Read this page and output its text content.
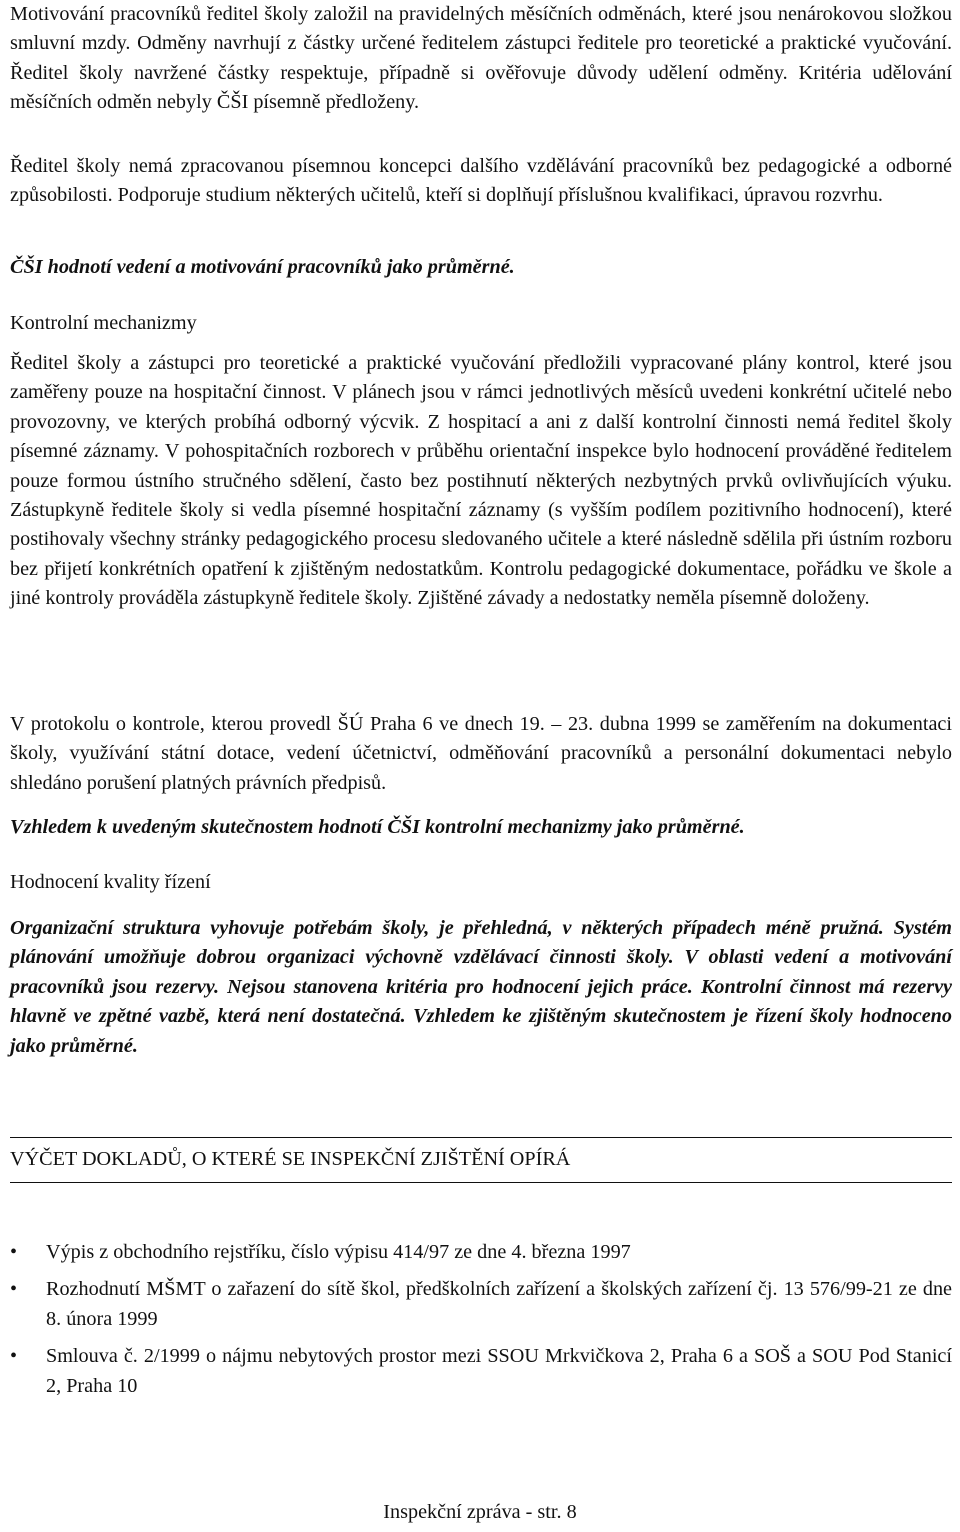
Motivování pracovníků ředitel školy založil na pravidelných měsíčních odměnách, které jsou nenárokovou složkou smluvní mzdy. Odměny navrhují z částky určené ředitelem zástupci ředitele pro teoretické a praktické vyučování. Ředitel školy navržené částky respektuje, případně si ověřovuje důvody udělení odměny. Kritéria udělování měsíčních odměn nebyly ČŠI písemně předloženy.

Ředitel školy nemá zpracovanou písemnou koncepci dalšího vzdělávání pracovníků bez pedagogické a odborné způsobilosti. Podporuje studium některých učitelů, kteří si doplňují příslušnou kvalifikaci, úpravou rozvrhu.

ČŠI hodnotí vedení a motivování pracovníků jako průměrné.

Kontrolní mechanizmy

Ředitel školy a zástupci pro teoretické a praktické vyučování předložili vypracované plány kontrol, které jsou zaměřeny pouze na hospitační činnost. V plánech jsou v rámci jednotlivých měsíců uvedeni konkrétní učitelé nebo provozovny, ve kterých probíhá odborný výcvik. Z hospitací a ani z další kontrolní činnosti nemá ředitel školy písemné záznamy. V pohospitačních rozborech v průběhu orientační inspekce bylo hodnocení prováděné ředitelem pouze formou ústního stručného sdělení, často bez postihnutí některých nezbytných prvků ovlivňujících výuku. Zástupkyně ředitele školy si vedla písemné hospitační záznamy (s vyšším podílem pozitivního hodnocení), které postihovaly všechny stránky pedagogického procesu sledovaného učitele a které následně sdělila při ústním rozboru bez přijetí konkrétních opatření k zjištěným nedostatkům. Kontrolu pedagogické dokumentace, pořádku ve škole a jiné kontroly prováděla zástupkyně ředitele školy. Zjištěné závady a nedostatky neměla písemně doloženy.

V protokolu o kontrole, kterou provedl ŠÚ Praha 6 ve dnech 19. – 23. dubna 1999 se zaměřením na dokumentaci školy, využívání státní dotace, vedení účetnictví, odměňování pracovníků a personální dokumentaci nebylo shledáno porušení platných právních předpisů.

Vzhledem k uvedeným skutečnostem hodnotí ČŠI kontrolní mechanizmy jako průměrné.

Hodnocení kvality řízení

Organizační struktura vyhovuje potřebám školy, je přehledná, v některých případech méně pružná. Systém plánování umožňuje dobrou organizaci výchovně vzdělávací činnosti školy. V oblasti vedení a motivování pracovníků jsou rezervy. Nejsou stanovena kritéria pro hodnocení jejich práce. Kontrolní činnost má rezervy hlavně ve zpětné vazbě, která není dostatečná. Vzhledem ke zjištěným skutečnostem je řízení školy hodnoceno jako průměrné.

VÝČET DOKLADŮ, O KTERÉ SE INSPEKČNÍ ZJIŠTĚNÍ OPÍRÁ
• Výpis z obchodního rejstříku, číslo výpisu 414/97 ze dne 4. března 1997
• Rozhodnutí MŠMT o zařazení do sítě škol, předškolních zařízení a školských zařízení čj. 13 576/99-21 ze dne 8. února 1999
• Smlouva č. 2/1999 o nájmu nebytových prostor mezi SSOU Mrkvičkova 2, Praha 6 a SOŠ a SOU Pod Stanicí 2, Praha 10
Inspekční zpráva - str. 8
